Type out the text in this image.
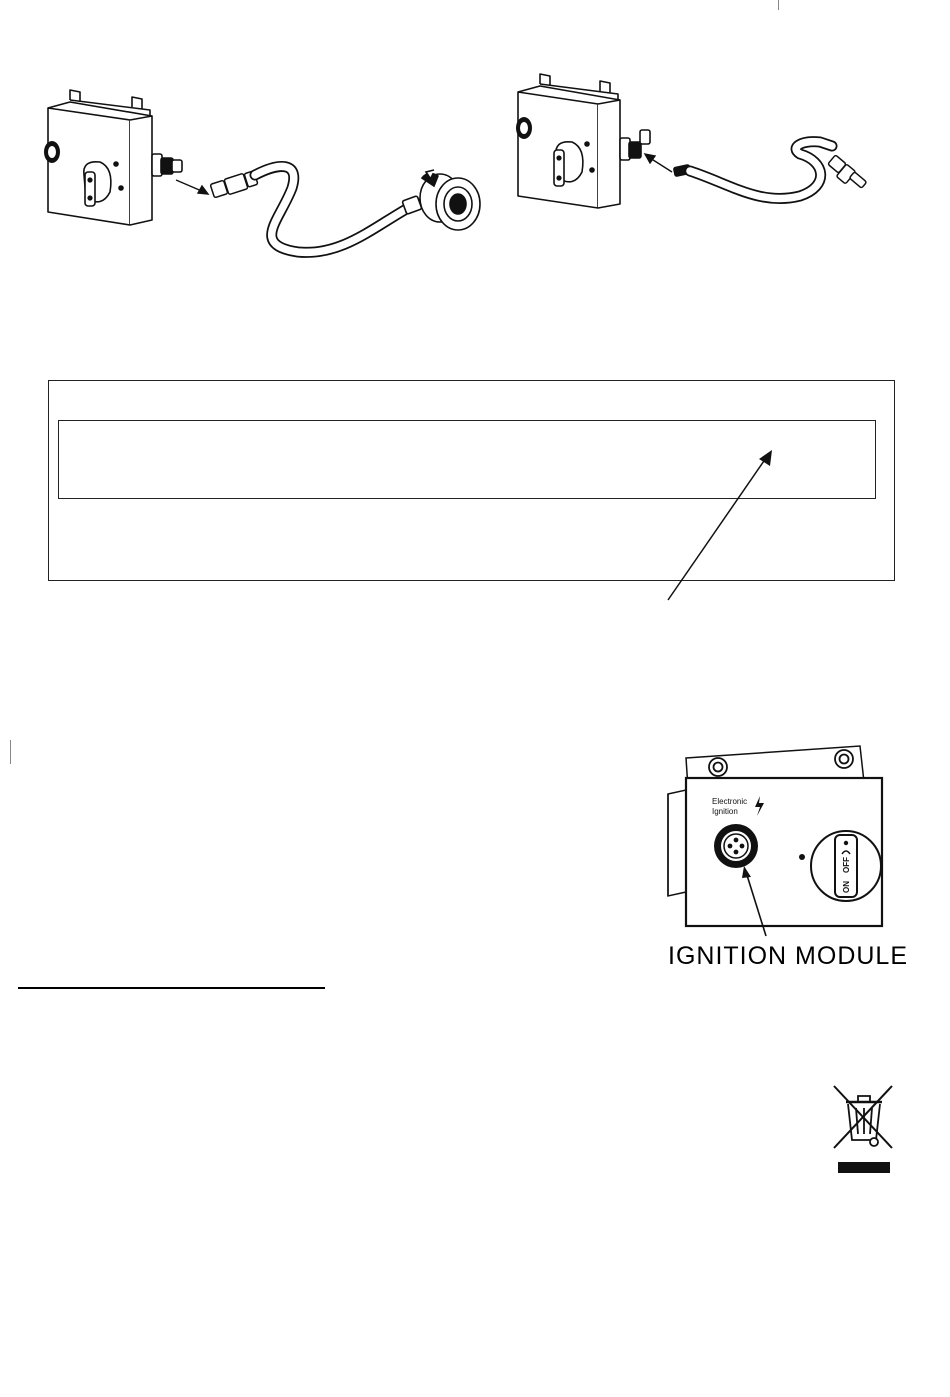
Electronic
Ignition
OFF
ON
IGNITION MODULE
